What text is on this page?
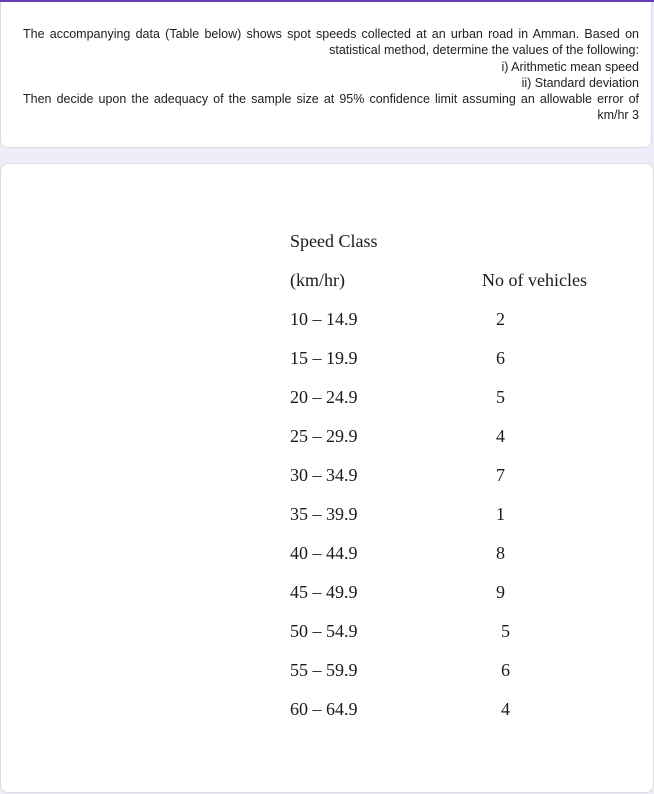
The accompanying data (Table below) shows spot speeds collected at an urban road in Amman. Based on
:statistical method, determine the values of the following
i) Arithmetic mean speed
ii) Standard deviation
Then decide upon the adequacy of the sample size at 95% confidence limit assuming an allowable error of
3 km/hr
Speed Class
(km/hr)	No of vehicles
10 – 14.9	2
15 – 19.9	6
20 – 24.9	5
25 – 29.9	4
30 – 34.9	7
35 – 39.9	1
40 – 44.9	8
45 – 49.9	9
50 – 54.9	5
55 – 59.9	6
60 – 64.9	4
